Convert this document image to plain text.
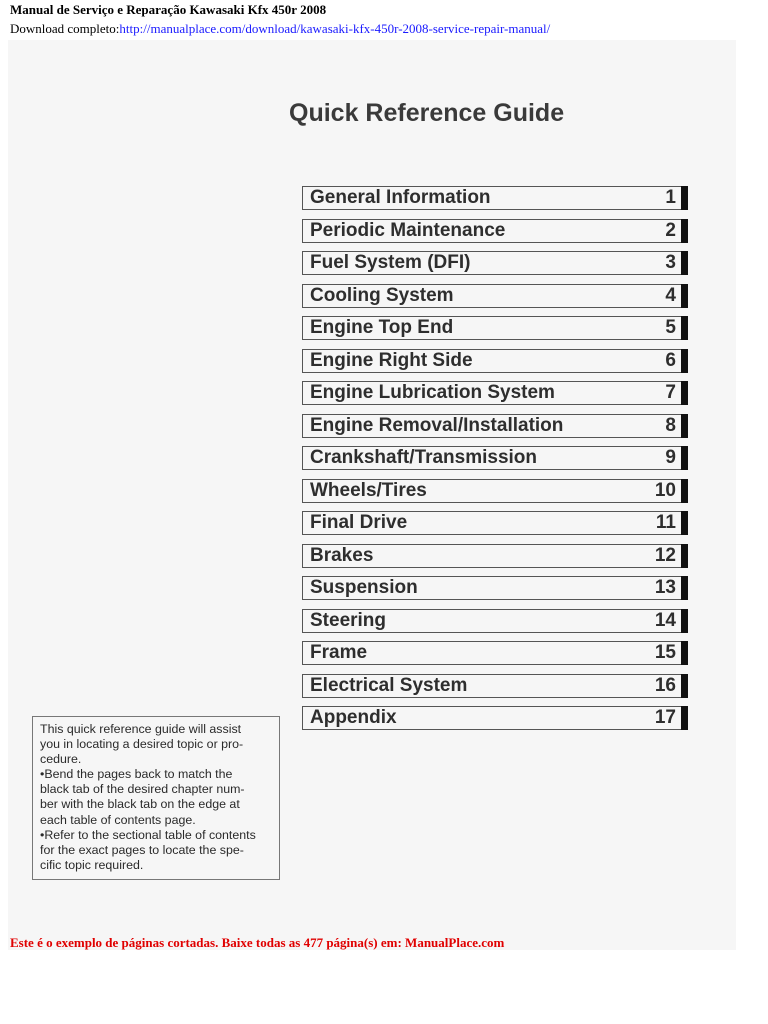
Manual de Serviço e Reparação Kawasaki Kfx 450r 2008
Download completo:http://manualplace.com/download/kawasaki-kfx-450r-2008-service-repair-manual/
Quick Reference Guide
General Information	1
Periodic Maintenance	2
Fuel System (DFI)	3
Cooling System	4
Engine Top End	5
Engine Right Side	6
Engine Lubrication System	7
Engine Removal/Installation	8
Crankshaft/Transmission	9
Wheels/Tires	10
Final Drive	11
Brakes	12
Suspension	13
Steering	14
Frame	15
Electrical System	16
Appendix	17

This quick reference guide will assist

you in locating a desired topic or pro-

cedure.

•Bend the pages back to match the

black tab of the desired chapter num-

ber with the black tab on the edge at

each table of contents page.

•Refer to the sectional table of contents

for the exact pages to locate the spe-

cific topic required.

Este é o exemplo de páginas cortadas. Baixe todas as 477 página(s) em: ManualPlace.com
